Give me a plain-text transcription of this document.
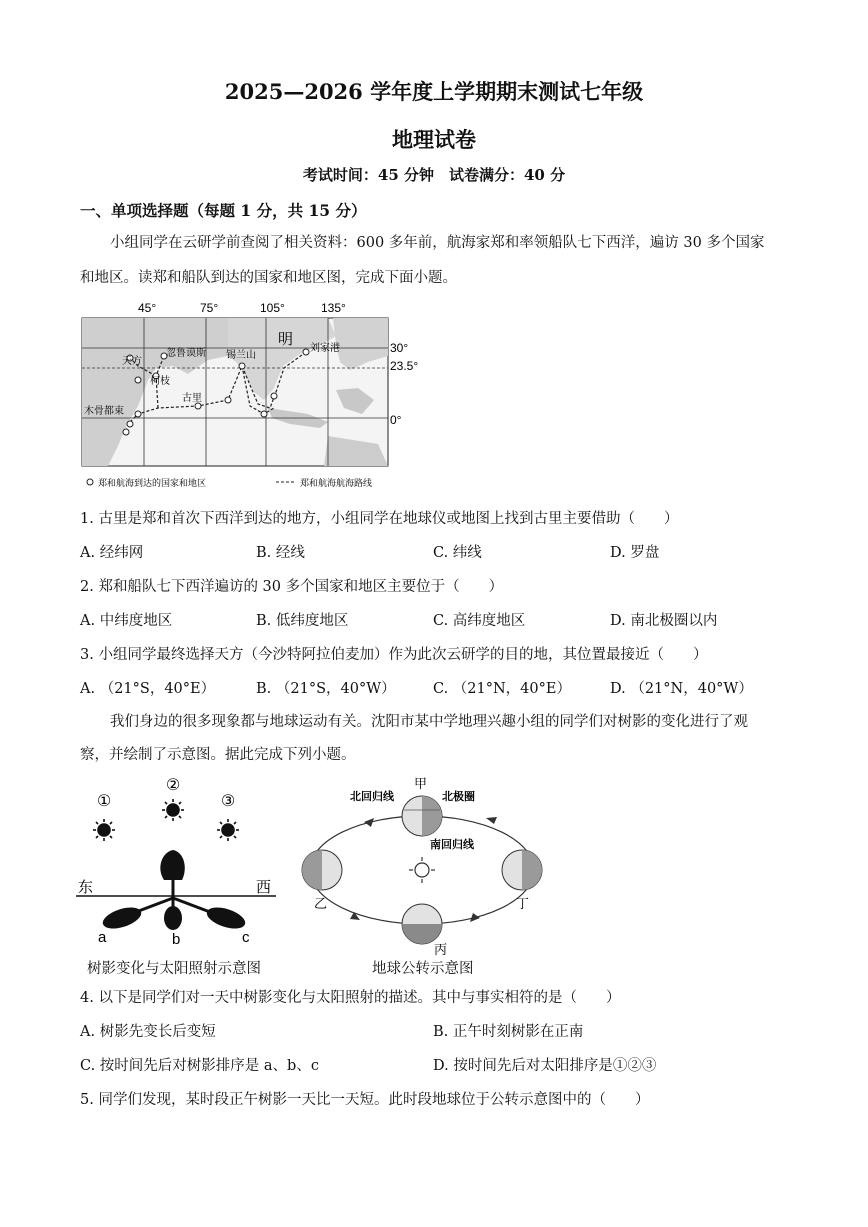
2025—2026 学年度上学期期末测试七年级
地理试卷
考试时间：45 分钟　试卷满分：40 分
一、单项选择题（每题 1 分，共 15 分）
小组同学在云研学前查阅了相关资料：600 多年前，航海家郑和率领船队七下西洋，遍访 30 多个国家
和地区。读郑和船队到达的国家和地区图，完成下面小题。
45°	75°	105°	135°
30°
23.5°
0°
明
天方
忽鲁谟斯
古里
锡兰山
柯枝
木骨都束
刘家港
郑和航海到达的国家和地区	郑和航海航海路线
1. 古里是郑和首次下西洋到达的地方，小组同学在地球仪或地图上找到古里主要借助（　　）
A. 经纬网	B. 经线	C. 纬线	D. 罗盘
2. 郑和船队七下西洋遍访的 30 多个国家和地区主要位于（　　）
A. 中纬度地区	B. 低纬度地区	C. 高纬度地区	D. 南北极圈以内
3. 小组同学最终选择天方（今沙特阿拉伯麦加）作为此次云研学的目的地，其位置最接近（　　）
A. （21°S，40°E）	B. （21°S，40°W）	C. （21°N，40°E）	D. （21°N，40°W）
我们身边的很多现象都与地球运动有关。沈阳市某中学地理兴趣小组的同学们对树影的变化进行了观
察，并绘制了示意图。据此完成下列小题。
①
②
③
东	西
a	b	c
树影变化与太阳照射示意图
甲
乙
丙
丁
北回归线	北极圈
南回归线
地球公转示意图
4. 以下是同学们对一天中树影变化与太阳照射的描述。其中与事实相符的是（　　）
A. 树影先变长后变短	B. 正午时刻树影在正南
C. 按时间先后对树影排序是 a、b、c	D. 按时间先后对太阳排序是①②③
5. 同学们发现，某时段正午树影一天比一天短。此时段地球位于公转示意图中的（　　）
